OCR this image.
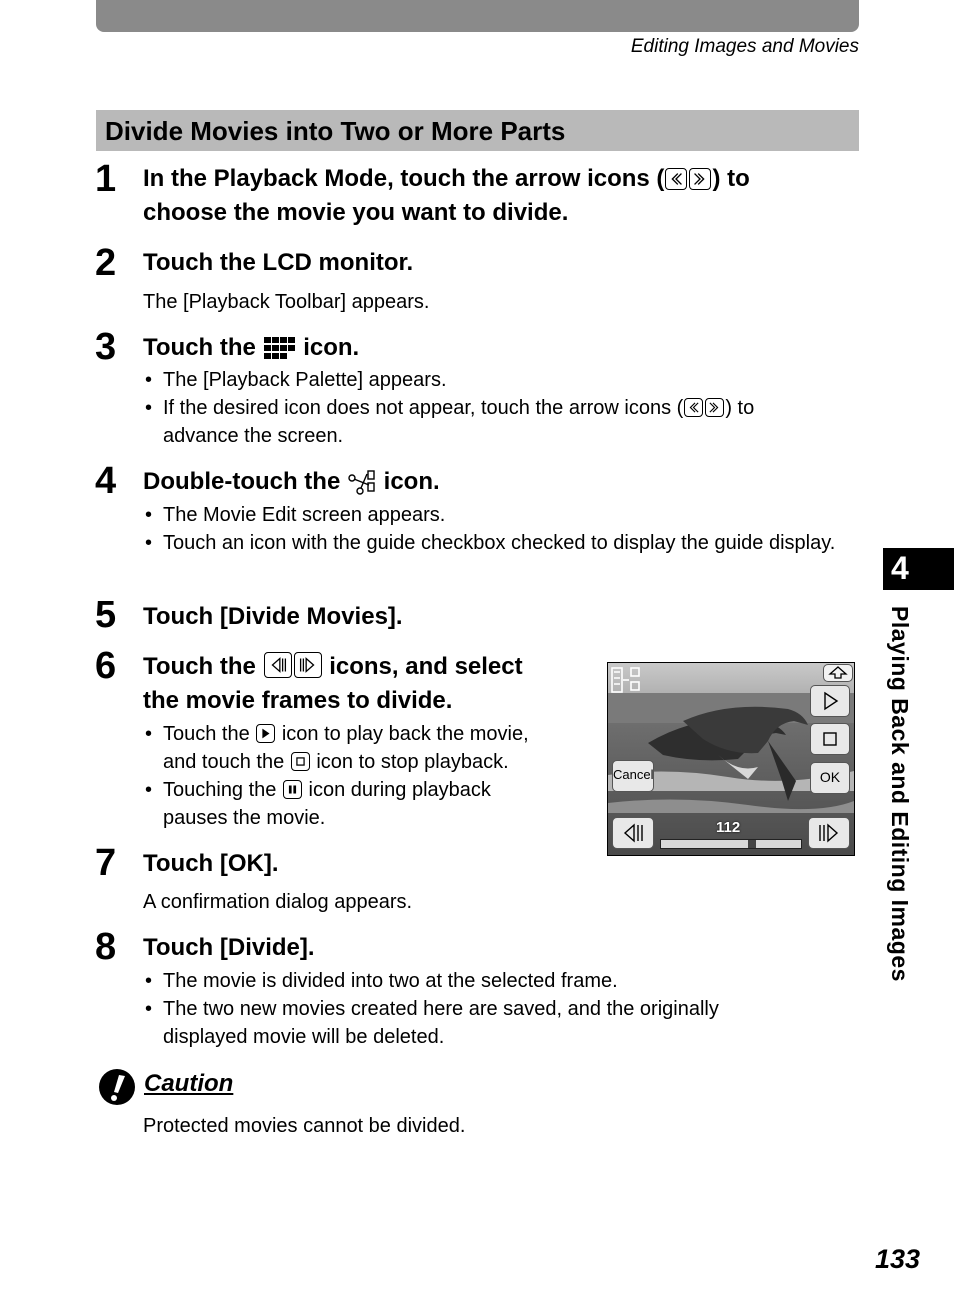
Editing Images and Movies
Divide Movies into Two or More Parts
1 In the Playback Mode, touch the arrow icons ( ) to
choose the movie you want to divide.
2 Touch the LCD monitor.
The [Playback Toolbar] appears.
3 Touch the  icon.
• The [Playback Palette] appears.
• If the desired icon does not appear, touch the arrow icons ( ) to
advance the screen.
4 Double-touch the  icon.
• The Movie Edit screen appears.
• Touch an icon with the guide checkbox checked to display the guide display.
5 Touch [Divide Movies].
6 Touch the	icons, and select
the movie frames to divide.
• Touch the
icon to play back the movie,
and touch the
icon to stop playback.
• Touching the
icon during playback
pauses the movie.
OK
Cancel
112
7 Touch [OK].
A confirmation dialog appears.
8 Touch [Divide].
• The movie is divided into two at the selected frame.
• The two new movies created here are saved, and the originally displayed movie will be deleted.
Caution
Protected movies cannot be divided.
4
Playing Back and Editing Images
133
